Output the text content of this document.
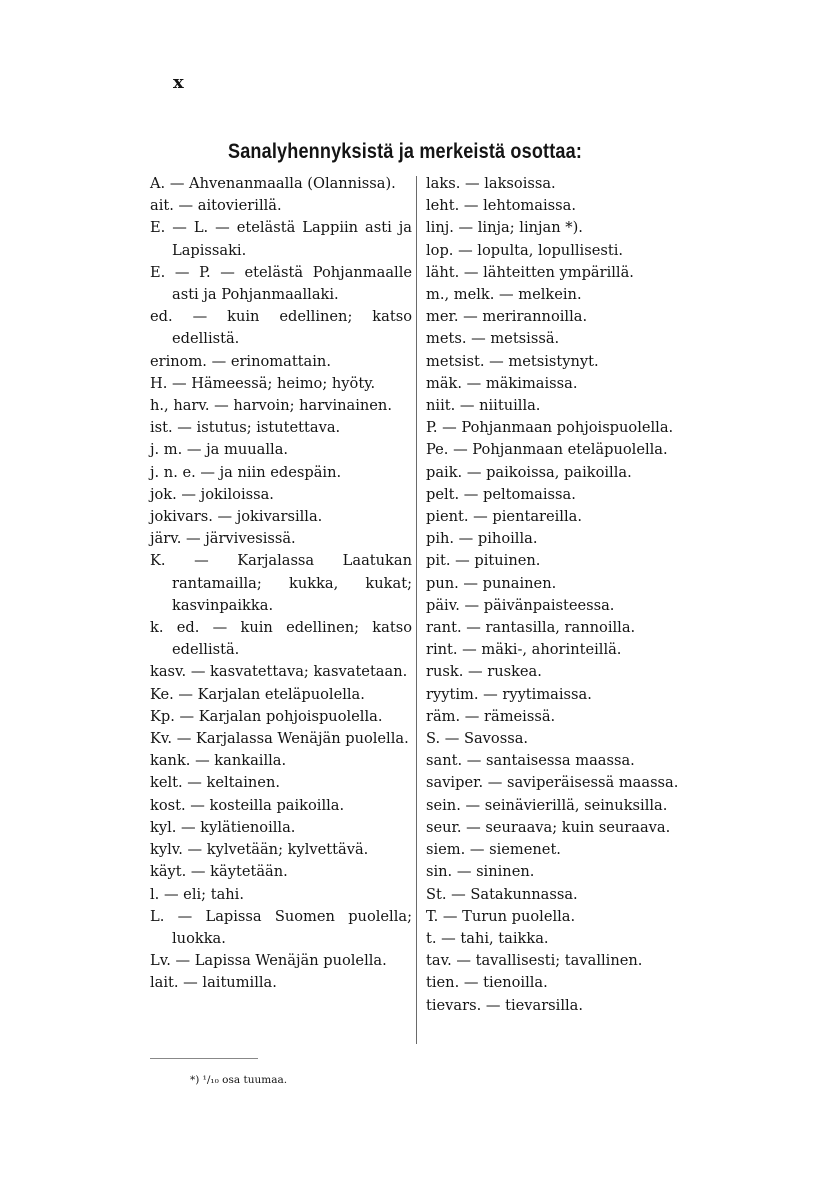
x
Sanalyhennyksistä ja merkeistä osottaa:
A. — Ahvenanmaalla (Olannissa).
ait. — aitovierillä.
E. — L. — etelästä Lappiin asti ja Lapissaki.
E. — P. — etelästä Pohjanmaalle asti ja Pohjanmaallaki.
ed. — kuin edellinen; katso edellistä.
erinom. — erinomattain.
H. — Hämeessä; heimo; hyöty.
h., harv. — harvoin; harvinainen.
ist. — istutus; istutettava.
j. m. — ja muualla.
j. n. e. — ja niin edespäin.
jok. — jokiloissa.
jokivars. — jokivarsilla.
järv. — järvivesissä.
K. — Karjalassa Laatukan rantamailla; kukka, kukat; kasvinpaikka.
k. ed. — kuin edellinen; katso edellistä.
kasv. — kasvatettava; kasvatetaan.
Ke. — Karjalan eteläpuolella.
Kp. — Karjalan pohjoispuolella.
Kv. — Karjalassa Wenäjän puolella.
kank. — kankailla.
kelt. — keltainen.
kost. — kosteilla paikoilla.
kyl. — kylätienoilla.
kylv. — kylvetään; kylvettävä.
käyt. — käytetään.
l. — eli; tahi.
L. — Lapissa Suomen puolella; luokka.
Lv. — Lapissa Wenäjän puolella.
lait. — laitumilla.
laks. — laksoissa.
leht. — lehtomaissa.
linj. — linja; linjan *).
lop. — lopulta, lopullisesti.
läht. — lähteitten ympärillä.
m., melk. — melkein.
mer. — merirannoilla.
mets. — metsissä.
metsist. — metsistynyt.
mäk. — mäkimaissa.
niit. — niituilla.
P. — Pohjanmaan pohjoispuolella.
Pe. — Pohjanmaan eteläpuolella.
paik. — paikoissa, paikoilla.
pelt. — peltomaissa.
pient. — pientareilla.
pih. — pihoilla.
pit. — pituinen.
pun. — punainen.
päiv. — päivänpaisteessa.
rant. — rantasilla, rannoilla.
rint. — mäki-, ahorinteillä.
rusk. — ruskea.
ryytim. — ryytimaissa.
räm. — rämeissä.
S. — Savossa.
sant. — santaisessa maassa.
saviper. — saviperäisessä maassa.
sein. — seinävierillä, seinuksilla.
seur. — seuraava; kuin seuraava.
siem. — siemenet.
sin. — sininen.
St. — Satakunnassa.
T. — Turun puolella.
t. — tahi, taikka.
tav. — tavallisesti; tavallinen.
tien. — tienoilla.
tievars. — tievarsilla.
*) ¹/₁₀ osa tuumaa.
